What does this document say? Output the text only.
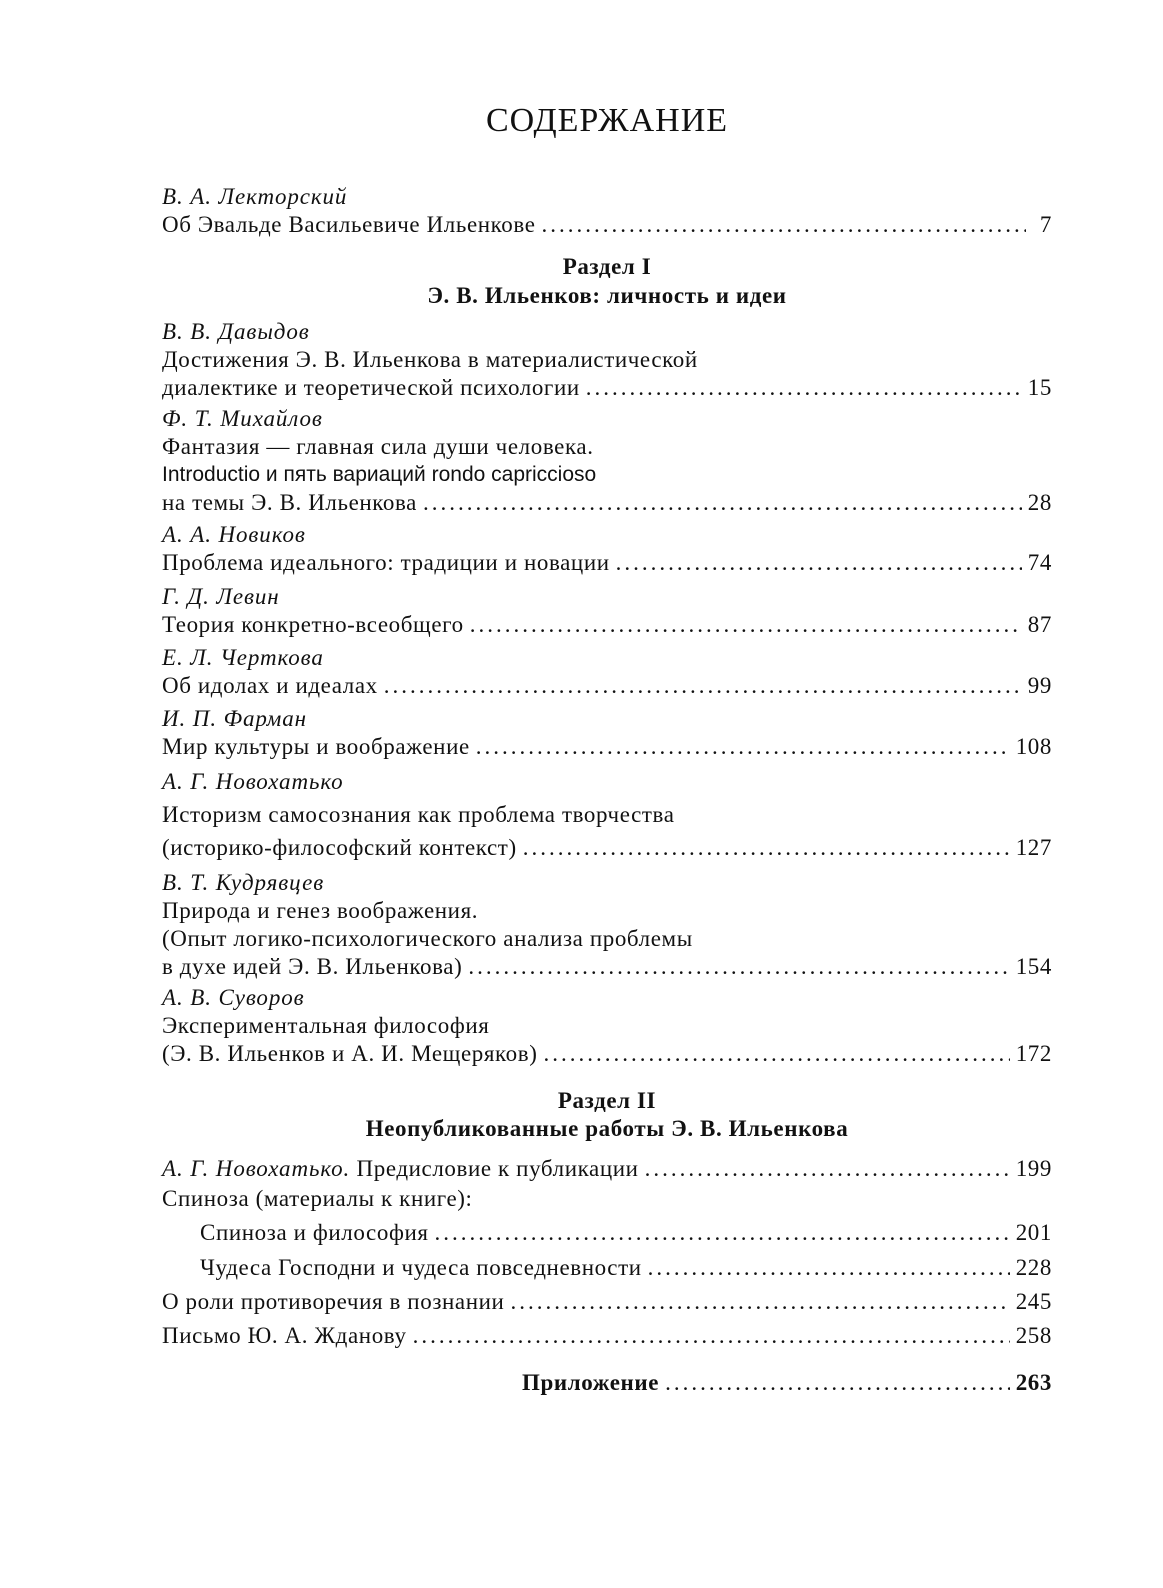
СОДЕРЖАНИЕ
В. А. Лекторский
Об Эвальде Васильевиче Ильенкове .....	7
Раздел I
Э. В. Ильенков: личность и идеи
В. В. Давыдов
Достижения Э. В. Ильенкова в материалистической
диалектике и теоретической психологии .....	15
Ф. Т. Михайлов
Фантазия — главная сила души человека.
Introductio и пять вариаций rondo capriccioso
на темы Э. В. Ильенкова .....	28
А. А. Новиков
Проблема идеального: традиции и новации .....	74
Г. Д. Левин
Теория конкретно-всеобщего .....	87
Е. Л. Черткова
Об идолах и идеалах .....	99
И. П. Фарман
Мир культуры и воображение .....	108
А. Г. Новохатько
Историзм самосознания как проблема творчества
(историко-философский контекст) .....	127
В. Т. Кудрявцев
Природа и генез воображения.
(Опыт логико-психологического анализа проблемы
в духе идей Э. В. Ильенкова) .....	154
А. В. Суворов
Экспериментальная философия
(Э. В. Ильенков и А. И. Мещеряков) .....	172
Раздел II
Неопубликованные работы Э. В. Ильенкова
А. Г. Новохатько. Предисловие к публикации .....	199
Спиноза (материалы к книге):
Спиноза и философия .....	201
Чудеса Господни и чудеса повседневности .....	228
О роли противоречия в познании .....	245
Письмо Ю. А. Жданову .....	258
Приложение .....	263
